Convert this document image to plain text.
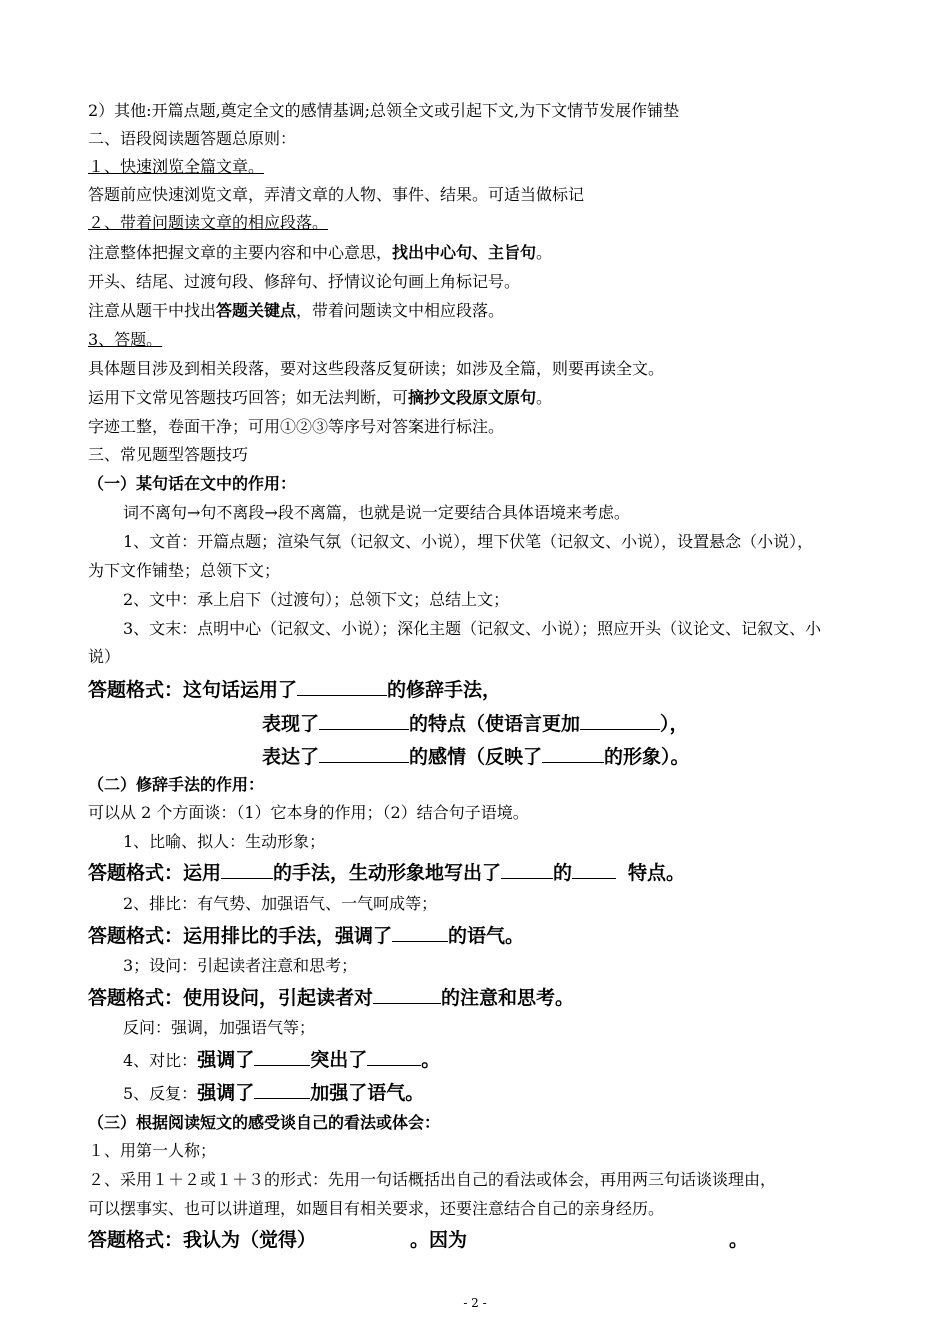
2）其他:开篇点题,奠定全文的感情基调;总领全文或引起下文,为下文情节发展作铺垫
二、语段阅读题答题总原则：
１、快速浏览全篇文章。
答题前应快速浏览文章，弄清文章的人物、事件、结果。可适当做标记
２、带着问题读文章的相应段落。
注意整体把握文章的主要内容和中心意思，找出中心句、主旨句。
开头、结尾、过渡句段、修辞句、抒情议论句画上角标记号。
注意从题干中找出答题关键点，带着问题读文中相应段落。
3、答题。
具体题目涉及到相关段落，要对这些段落反复研读；如涉及全篇，则要再读全文。
运用下文常见答题技巧回答；如无法判断，可摘抄文段原文原句。
字迹工整，卷面干净；可用①②③等序号对答案进行标注。
三、常见题型答题技巧
（一）某句话在文中的作用：
词不离句→句不离段→段不离篇，也就是说一定要结合具体语境来考虑。
1、文首：开篇点题；渲染气氛（记叙文、小说），埋下伏笔（记叙文、小说），设置悬念（小说），
为下文作铺垫；总领下文；
2、文中：承上启下（过渡句）；总领下文；总结上文；
3、文末：点明中心（记叙文、小说）；深化主题（记叙文、小说）；照应开头（议论文、记叙文、小
说）
答题格式：这句话运用了	的修辞手法，
表现了	的特点（使语言更加	），
表达了	的感情（反映了	的形象）。
（二）修辞手法的作用：
可以从 2 个方面谈：（1）它本身的作用；（2）结合句子语境。
1、比喻、拟人：生动形象；
答题格式：运用	的手法，生动形象地写出了	的	特点。
2、排比：有气势、加强语气、一气呵成等；
答题格式：运用排比的手法，强调了	的语气。
3；设问：引起读者注意和思考；
答题格式：使用设问，引起读者对	的注意和思考。
反问：强调，加强语气等；
4、对比：强调了	突出了	。
5、反复：强调了	加强了语气。
（三）根据阅读短文的感受谈自己的看法或体会：
１、用第一人称；
２、采用１＋２或１＋３的形式：先用一句话概括出自己的看法或体会，再用两三句话谈谈理由，
可以摆事实、也可以讲道理，如题目有相关要求，还要注意结合自己的亲身经历。
答题格式：我认为（觉得）	。因为	。
- 2 -
